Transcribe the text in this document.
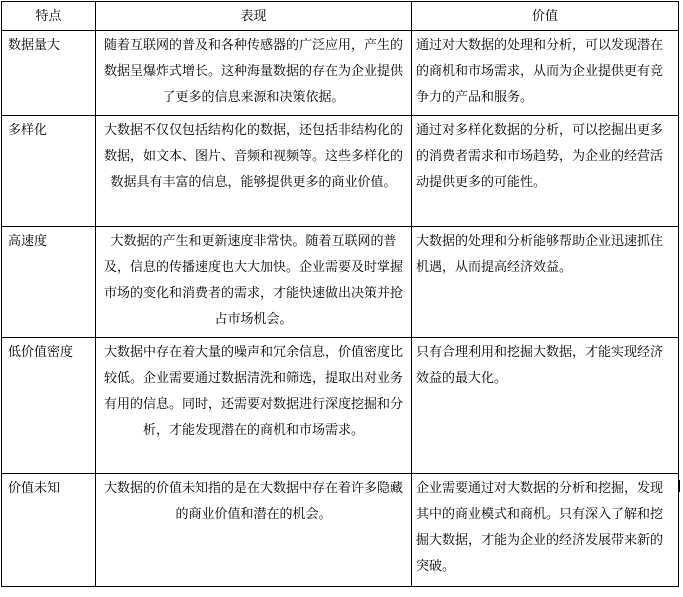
特点	表现	价值
数据量大	随着互联网的普及和各种传感器的广泛应用，产生的数据呈爆炸式增长。这种海量数据的存在为企业提供了更多的信息来源和决策依据。	通过对大数据的处理和分析，可以发现潜在的商机和市场需求，从而为企业提供更有竞争力的产品和服务。
多样化	大数据不仅仅包括结构化的数据，还包括非结构化的数据，如文本、图片、音频和视频等。这些多样化的数据具有丰富的信息，能够提供更多的商业价值。	通过对多样化数据的分析，可以挖掘出更多的消费者需求和市场趋势，为企业的经营活动提供更多的可能性。
高速度	大数据的产生和更新速度非常快。随着互联网的普及，信息的传播速度也大大加快。企业需要及时掌握市场的变化和消费者的需求，才能快速做出决策并抢占市场机会。	大数据的处理和分析能够帮助企业迅速抓住机遇，从而提高经济效益。
低价值密度	大数据中存在着大量的噪声和冗余信息，价值密度比较低。企业需要通过数据清洗和筛选，提取出对业务有用的信息。同时，还需要对数据进行深度挖掘和分析，才能发现潜在的商机和市场需求。	只有合理利用和挖掘大数据，才能实现经济效益的最大化。
价值未知	大数据的价值未知指的是在大数据中存在着许多隐藏的商业价值和潜在的机会。	企业需要通过对大数据的分析和挖掘，发现其中的商业模式和商机。只有深入了解和挖掘大数据，才能为企业的经济发展带来新的突破。
